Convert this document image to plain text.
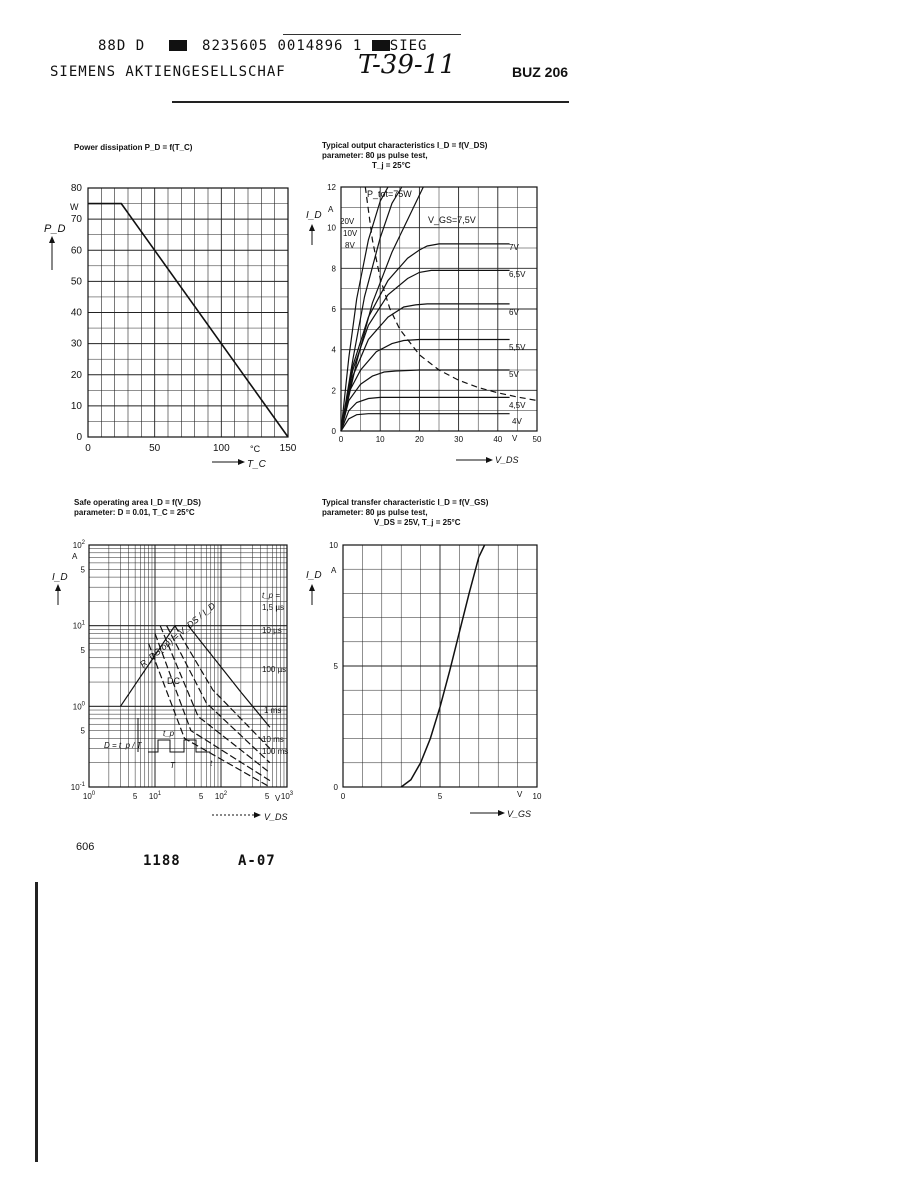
88D D	8235605 0014896 1 SIEG
SIEMENS AKTIENGESELLSCHAF	T-39-11	BUZ 206
Power dissipation P_D = f(T_C)	Typical output characteristics I_D = f(V_DS)
parameter: 80 µs pulse test,
T_j = 25°C
Safe operating area I_D = f(V_DS)
parameter: D = 0.01, T_C = 25°C
Typical transfer characteristic I_D = f(V_GS)
parameter: 80 µs pulse test,
V_DS = 25V, T_j = 25°C
0
10
20
30
40
50
60
70
80
0	50	100	150
P_D
W
°C
T_C
0
2
4
6
8
10
12
0	10	20	30	40	50
I_D
A
V
V_DS
P_tot=75W
V_GS=7,5V
20V
10V
8V	7V
6,5V
6V
5,5V
5V
4,5V
4V
$10^{-1}$
5
$10^0$
5
$10^1$
5
$10^2$
$10^0$	5 $10^1$	5 $10^2$	5 $10^3$
A
I_D
V
V_DS
t_p =
1,5 µs
10 µs
100 µs
1 ms
10 ms
100 ms
DC
R_DS(on) = V_DS / I_D
D = t_p / T
t_p
T	t
0
5
10
0	5	10
I_D A
V
V_GS
606
1188	A-07
